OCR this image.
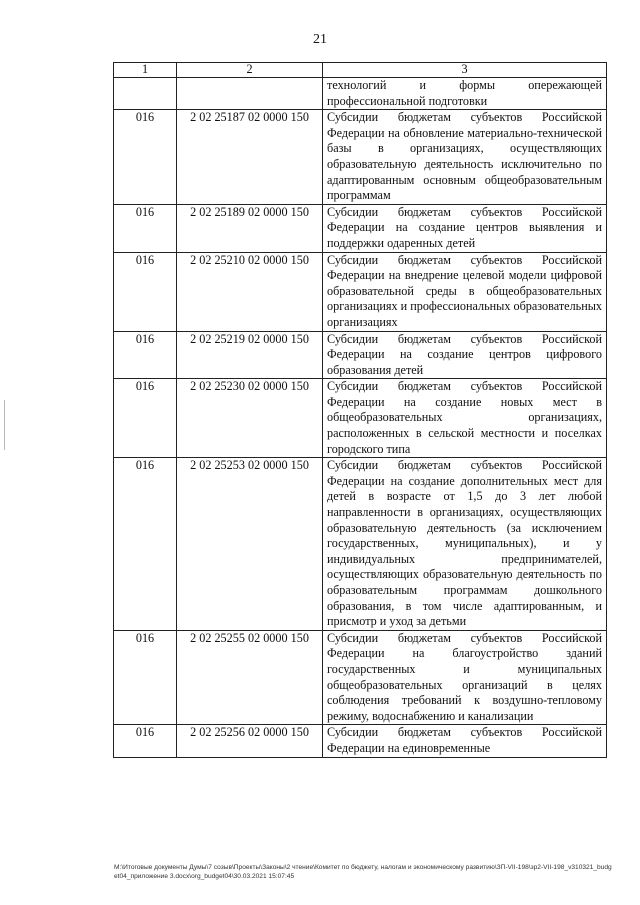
21
1	2	3
		технологий и формы опережающей профессиональной подготовки
016	2 02 25187 02 0000 150	Субсидии бюджетам субъектов Российской Федерации на обновление материально-технической базы в организациях, осуществляющих образовательную деятельность исключительно по адаптированным основным общеобразовательным программам
016	2 02 25189 02 0000 150	Субсидии бюджетам субъектов Российской Федерации на создание центров выявления и поддержки одаренных детей
016	2 02 25210 02 0000 150	Субсидии бюджетам субъектов Российской Федерации на внедрение целевой модели цифровой образовательной среды в общеобразовательных организациях и профессиональных образовательных организациях
016	2 02 25219 02 0000 150	Субсидии бюджетам субъектов Российской Федерации на создание центров цифрового образования детей
016	2 02 25230 02 0000 150	Субсидии бюджетам субъектов Российской Федерации на создание новых мест в общеобразовательных организациях, расположенных в сельской местности и поселках городского типа
016	2 02 25253 02 0000 150	Субсидии бюджетам субъектов Российской Федерации на создание дополнительных мест для детей в возрасте от 1,5 до 3 лет любой направленности в организациях, осуществляющих образовательную деятельность (за исключением государственных, муниципальных), и у индивидуальных предпринимателей, осуществляющих образовательную деятельность по образовательным программам дошкольного образования, в том числе адаптированным, и присмотр и уход за детьми
016	2 02 25255 02 0000 150	Субсидии бюджетам субъектов Российской Федерации на благоустройство зданий государственных и муниципальных общеобразовательных организаций в целях соблюдения требований к воздушно-тепловому режиму, водоснабжению и канализации
016	2 02 25256 02 0000 150	Субсидии бюджетам субъектов Российской Федерации на единовременные
M:\Итоговые документы Думы\7 созыв\Проекты\Законы\2 чтение\Комитет по бюджету, налогам и экономическому развитию\ЗП-VII-198\зр2-VII-198_v310321_budget04_приложение 3.docx\org_budget04\30.03.2021 15:07:45
